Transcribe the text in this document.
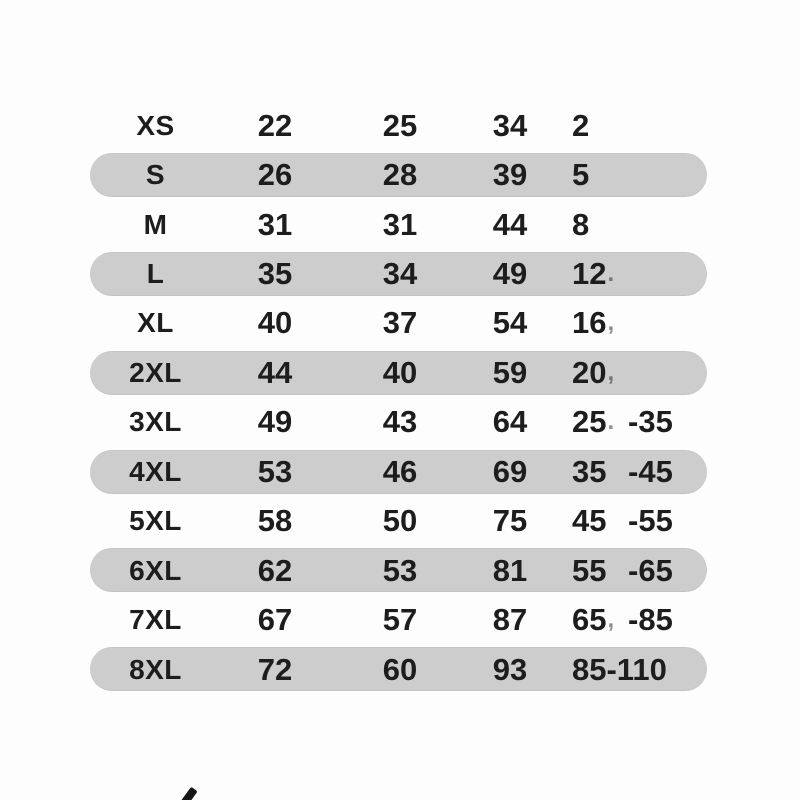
XS	22	25	34	2
S	26	28	39	5
M	31	31	44	8
L	35	34	49	12 .
XL	40	37	54	16 ,
2XL	44	40	59	20 ,
3XL	49	43	64	25 . -35
4XL	53	46	69	35 -45
5XL	58	50	75	45 -55
6XL	62	53	81	55 -65
7XL	67	57	87	65 , -85
8XL	72	60	93	85-110
